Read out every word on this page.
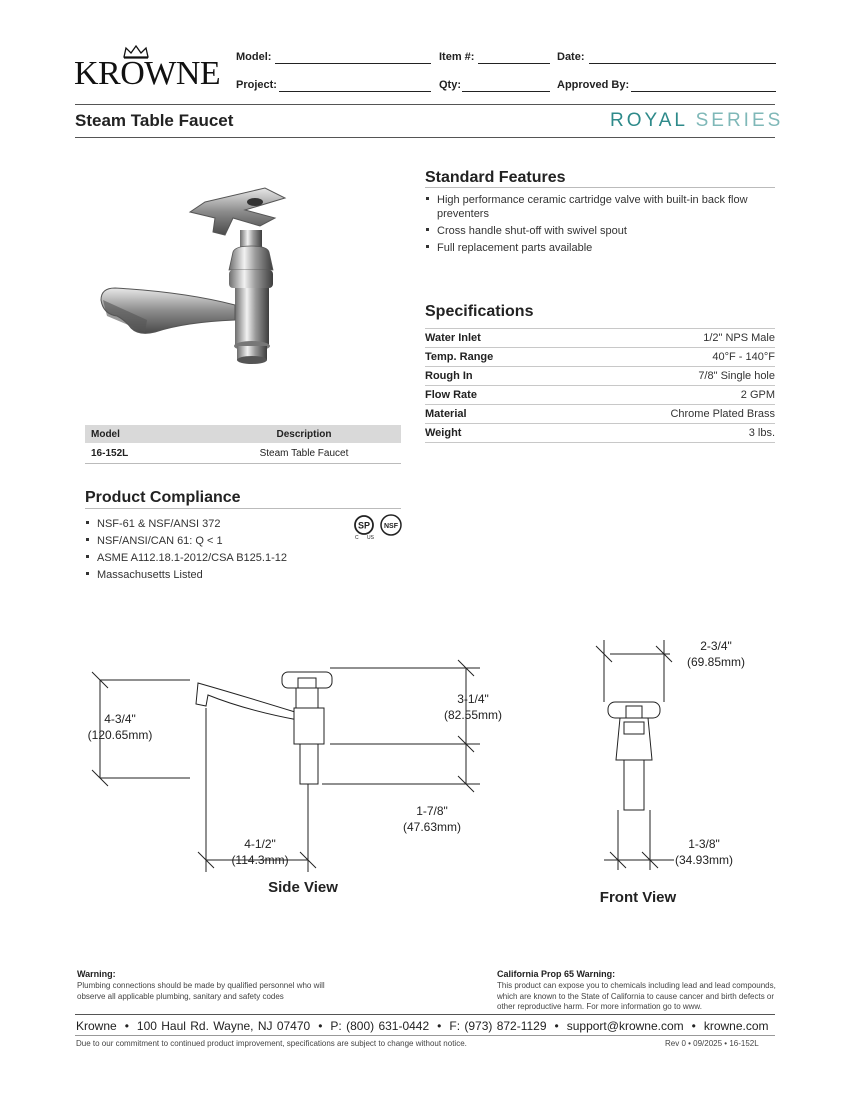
KROWNE Model:	Item #:	Date:
Project:	Qty:	Approved By:
Steam Table Faucet	ROYAL SERIES
Standard Features
High performance ceramic cartridge valve with built-in back flow preventers
Cross handle shut-off with swivel spout
Full replacement parts available
Specifications
Water Inlet	1/2" NPS Male
Temp. Range	40°F - 140°F
Rough In	7/8" Single hole
Flow Rate	2 GPM
Material	Chrome Plated Brass
Weight	3 lbs.

Model	Description
16-152L	Steam Table Faucet
Product Compliance
NSF-61 & NSF/ANSI 372
NSF/ANSI/CAN 61: Q < 1
ASME A112.18.1-2012/CSA B125.1-12
Massachusetts Listed
SP
C US
NSF
4-3/4"
(120.65mm)
3-1/4"
(82.55mm)
1-7/8"
(47.63mm)
4-1/2"
(114.3mm)
Side View
2-3/4"
(69.85mm)
1-3/8"
(34.93mm)
Front View
Warning:
Plumbing connections should be made by qualified personnel who will observe all applicable plumbing, sanitary and safety codes
California Prop 65 Warning:
This product can expose you to chemicals including lead and lead compounds, which are known to the State of California to cause cancer and birth defects or other reproductive harm. For more information go to www.
Krowne • 100 Haul Rd. Wayne, NJ 07470 • P: (800) 631-0442 • F: (973) 872-1129 • support@krowne.com • krowne.com
Due to our commitment to continued product improvement, specifications are subject to change without notice.	Rev 0 • 09/2025 • 16-152L
